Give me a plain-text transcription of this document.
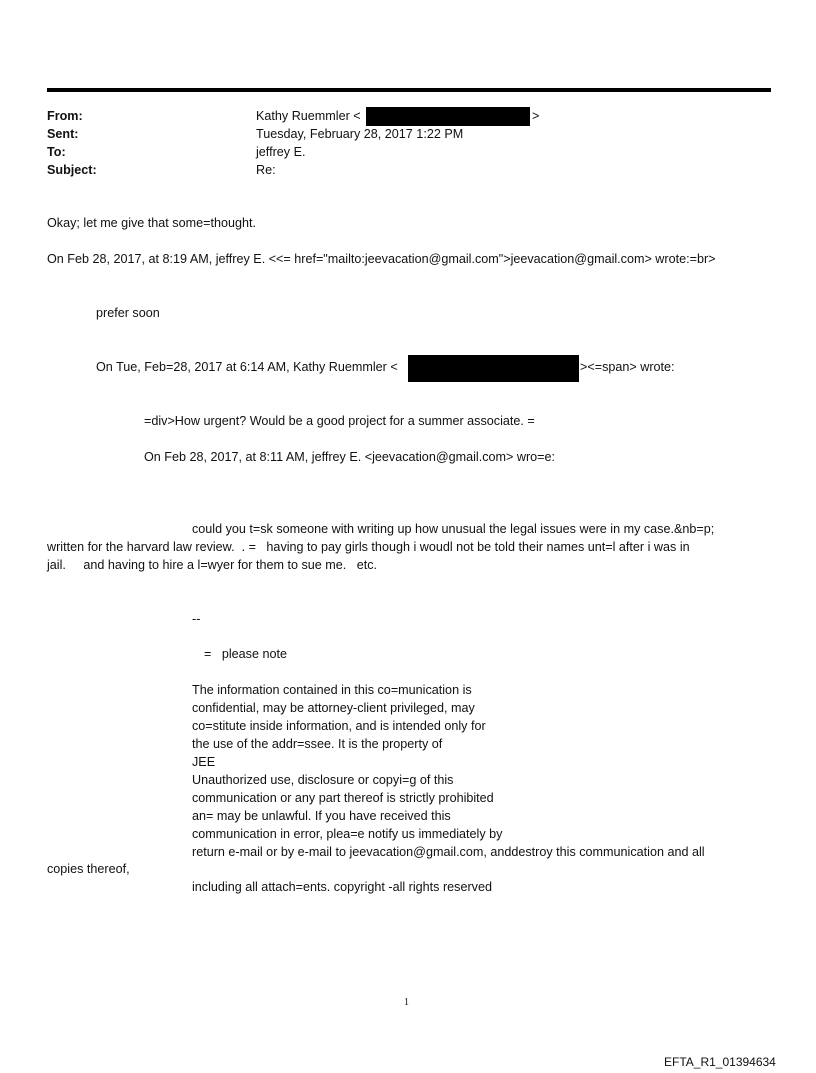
From:	Kathy Ruemmler <	>
Sent:	Tuesday, February 28, 2017 1:22 PM
To:	jeffrey E.
Subject:	Re:
Okay; let me give that some=thought.
On Feb 28, 2017, at 8:19 AM, jeffrey E. <<= href="mailto:jeevacation@gmail.com">jeevacation@gmail.com> wrote:=br>
prefer soon
On Tue, Feb=28, 2017 at 6:14 AM, Kathy Ruemmler <	><=span> wrote:
=div>How urgent? Would be a good project for a summer associate. =
On Feb 28, 2017, at 8:11 AM, jeffrey E. <jeevacation@gmail.com> wro=e:
could you t=sk someone with writing up how unusual the legal issues were in my case.&nb=p;
written for the harvard law review.  . =   having to pay girls though i woudl not be told their names unt=l after i was in
jail.     and having to hire a l=wyer for them to sue me.   etc.
--
=   please note
The information contained in this co=munication is
confidential, may be attorney-client privileged, may
co=stitute inside information, and is intended only for
the use of the addr=ssee. It is the property of
JEE
Unauthorized use, disclosure or copyi=g of this
communication or any part thereof is strictly prohibited
an= may be unlawful. If you have received this
communication in error, plea=e notify us immediately by
return e-mail or by e-mail to jeevacation@gmail.com, anddestroy this communication and all
copies thereof,
including all attach=ents. copyright -all rights reserved
1
EFTA_R1_01394634
